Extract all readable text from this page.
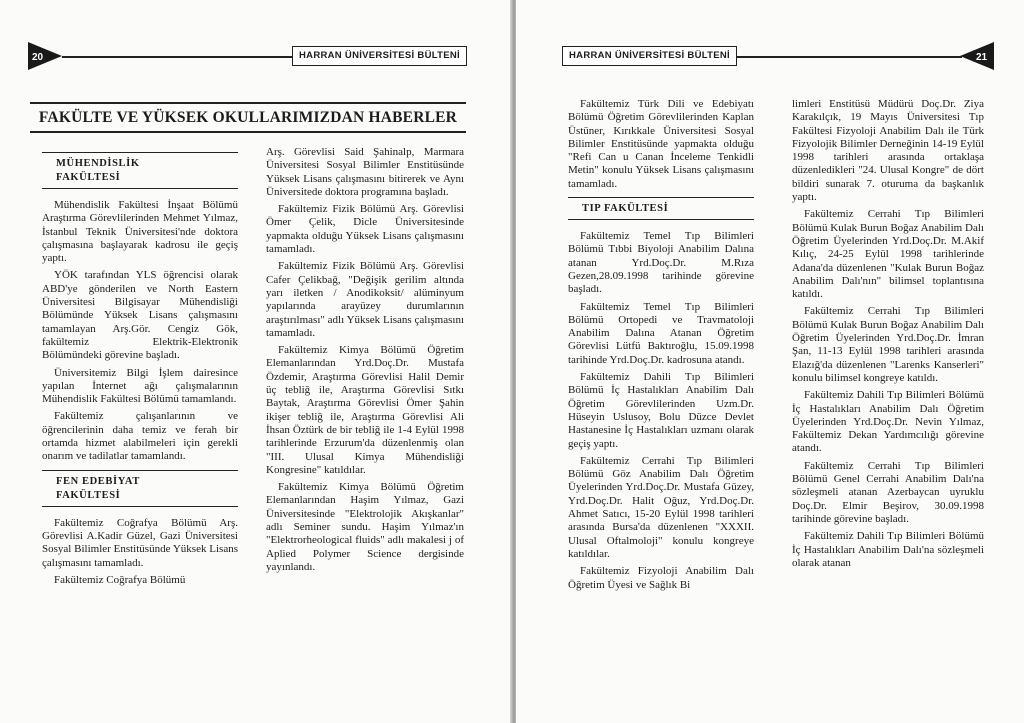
20	HARRAN ÜNİVERSİTESİ BÜLTENİ
FAKÜLTE VE YÜKSEK OKULLARIMIZDAN HABERLER
MÜHENDİSLİK
FAKÜLTESİ

Mühendislik Fakültesi İnşaat Bölümü Araştırma Görevlilerinden Mehmet Yılmaz, İstanbul Teknik Üniversitesi'nde doktora çalışmasına başlayarak kadrosu ile geçiş yaptı.

YÖK tarafından YLS öğrencisi olarak ABD'ye gönderilen ve North Eastern Üniversitesi Bilgisayar Mühendisliği Bölümünde Yüksek Lisans çalışmasını tamamlayan Arş.Gör. Cengiz Gök, fakültemiz Elektrik-Elektronik Bölümündeki görevine başladı.

Üniversitemiz Bilgi İşlem dairesince yapılan İnternet ağı çalışmalarının Mühendislik Fakültesi Bölümü tamamlandı.

Fakültemiz çalışanlarının ve öğrencilerinin daha temiz ve ferah bir ortamda hizmet alabilmeleri için gerekli onarım ve tadilatlar tamamlandı.

FEN EDEBİYAT
FAKÜLTESİ

Fakültemiz Coğrafya Bölümü Arş. Görevlisi A.Kadir Güzel, Gazi Üniversitesi Sosyal Bilimler Enstitüsünde Yüksek Lisans çalışmasını tamamladı.

Fakültemiz Coğrafya Bölümü

Arş. Görevlisi Said Şahinalp, Marmara Üniversitesi Sosyal Bilimler Enstitüsünde Yüksek Lisans çalışmasını bitirerek ve Aynı Üniversitede doktora programına başladı.

Fakültemiz Fizik Bölümü Arş. Görevlisi Ömer Çelik, Dicle Üniversitesinde yapmakta olduğu Yüksek Lisans çalışmasını tamamladı.

Fakültemiz Fizik Bölümü Arş. Görevlisi Cafer Çelikbağ, "Değişik gerilim altında yarı iletken / Anodikoksit/ alüminyum yapılarında arayüzey durumlarının araştırılması" adlı Yüksek Lisans çalışmasını tamamladı.

Fakültemiz Kimya Bölümü Öğretim Elemanlarından Yrd.Doç.Dr. Mustafa Özdemir, Araştırma Görevlisi Halil Demir üç tebliğ ile, Araştırma Görevlisi Sıtkı Baytak, Araştırma Görevlisi Ömer Şahin ikişer tebliğ ile, Araştırma Görevlisi Ali İhsan Öztürk de bir tebliğ ile 1-4 Eylül 1998 tarihlerinde Erzurum'da düzenlenmiş olan "III. Ulusal Kimya Mühendisliği Kongresine" katıldılar.

Fakültemiz Kimya Bölümü Öğretim Elemanlarından Haşim Yılmaz, Gazi Üniversitesinde "Elektrolojik Akışkanlar" adlı Seminer sundu. Haşim Yılmaz'ın "Elektrorheological fluids" adlı makalesi j of Aplied Polymer Science dergisinde yayınlandı.

HARRAN ÜNİVERSİTESİ BÜLTENİ	21

Fakültemiz Türk Dili ve Edebiyatı Bölümü Öğretim Görevlilerinden Kaplan Üstüner, Kırıkkale Üniversitesi Sosyal Bilimler Enstitüsünde yapmakta olduğu "Refi Can u Canan İnceleme Tenkidli Metin" konulu Yüksek Lisans çalışmasını tamamladı.

TIP FAKÜLTESİ

Fakültemiz Temel Tıp Bilimleri Bölümü Tıbbi Biyoloji Anabilim Dalına atanan Yrd.Doç.Dr. M.Rıza Gezen,28.09.1998 tarihinde görevine başladı.

Fakültemiz Temel Tıp Bilimleri Bölümü Ortopedi ve Travmatoloji Anabilim Dalına Atanan Öğretim Görevlisi Lütfü Baktıroğlu, 15.09.1998 tarihinde Yrd.Doç.Dr. kadrosuna atandı.

Fakültemiz Dahili Tıp Bilimleri Bölümü İç Hastalıkları Anabilim Dalı Öğretim Görevlilerinden Uzm.Dr. Hüseyin Uslusoy, Bolu Düzce Devlet Hastanesine İç Hastalıkları uzmanı olarak geçiş yaptı.

Fakültemiz Cerrahi Tıp Bilimleri Bölümü Göz Anabilim Dalı Öğretim Üyelerinden Yrd.Doç.Dr. Mustafa Güzey, Yrd.Doç.Dr. Halit Oğuz, Yrd.Doç.Dr. Ahmet Satıcı, 15-20 Eylül 1998 tarihleri arasında Bursa'da düzenlenen "XXXII. Ulusal Oftalmoloji" konulu kongreye katıldılar.

Fakültemiz Fizyoloji Anabilim Dalı Öğretim Üyesi ve Sağlık Bi

limleri Enstitüsü Müdürü Doç.Dr. Ziya Karakılçık, 19 Mayıs Üniversitesi Tıp Fakültesi Fizyoloji Anabilim Dalı ile Türk Fizyolojik Bilimler Derneğinin 14-19 Eylül 1998 tarihleri arasında ortaklaşa düzenledikleri "24. Ulusal Kongre" de dört bildiri sunarak 7. oturuma da başkanlık yaptı.

Fakültemiz Cerrahi Tıp Bilimleri Bölümü Kulak Burun Boğaz Anabilim Dalı Öğretim Üyelerinden Yrd.Doç.Dr. M.Akif Kılıç, 24-25 Eylül 1998 tarihlerinde Adana'da düzenlenen "Kulak Burun Boğaz Anabilim Dalı'nın" bilimsel toplantısına katıldı.

Fakültemiz Cerrahi Tıp Bilimleri Bölümü Kulak Burun Boğaz Anabilim Dalı Öğretim Üyelerinden Yrd.Doç.Dr. İmran Şan, 11-13 Eylül 1998 tarihleri arasında Elazığ'da düzenlenen "Larenks Kanserleri" konulu bilimsel kongreye katıldı.

Fakültemiz Dahili Tıp Bilimleri Bölümü İç Hastalıkları Anabilim Dalı Öğretim Üyelerinden Yrd.Doç.Dr. Nevin Yılmaz, Fakültemiz Dekan Yardımcılığı görevine atandı.

Fakültemiz Cerrahi Tıp Bilimleri Bölümü Genel Cerrahi Anabilim Dalı'na sözleşmeli atanan Azerbaycan uyruklu Doç.Dr. Elmir Beşirov, 30.09.1998 tarihinde görevine başladı.

Fakültemiz Dahili Tıp Bilimleri Bölümü İç Hastalıkları Anabilim Dalı'na sözleşmeli olarak atanan
